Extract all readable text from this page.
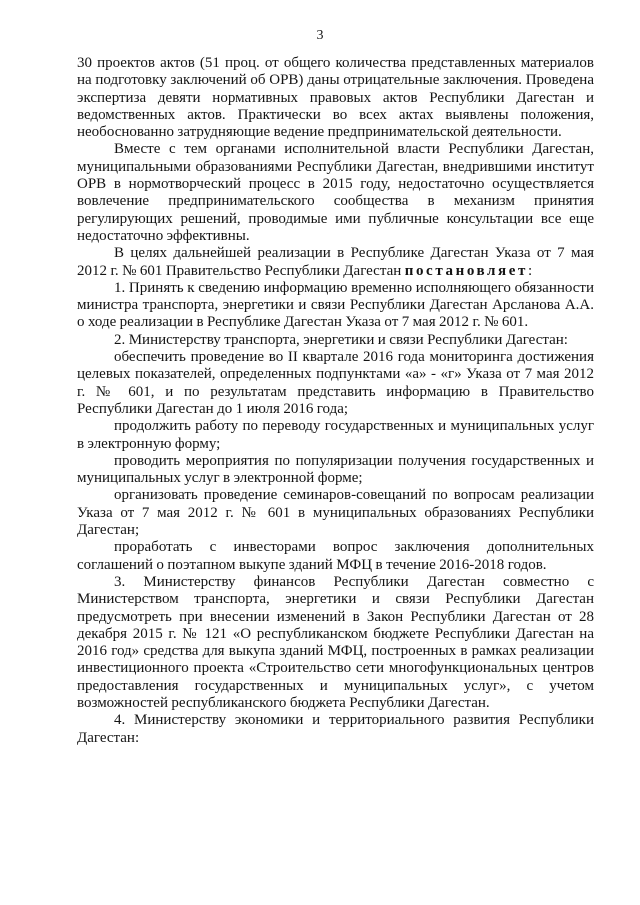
3

30 проектов актов (51 проц. от общего количества представленных материалов на подготовку заключений об ОРВ) даны отрицательные заключения. Проведена экспертиза девяти нормативных правовых актов Республики Дагестан и ведомственных актов. Практически во всех актах выявлены положения, необоснованно затрудняющие ведение предпринимательской деятельности.

Вместе с тем органами исполнительной власти Республики Дагестан, муниципальными образованиями Республики Дагестан, внедрившими институт ОРВ в нормотворческий процесс в 2015 году, недостаточно осуществляется вовлечение предпринимательского сообщества в механизм принятия регулирующих решений, проводимые ими публичные консультации все еще недостаточно эффективны.

В целях дальнейшей реализации в Республике Дагестан Указа от 7 мая 2012 г. № 601 Правительство Республики Дагестан постановляет:

1. Принять к сведению информацию временно исполняющего обязанности министра транспорта, энергетики и связи Республики Дагестан Арсланова А.А. о ходе реализации в Республике Дагестан Указа от 7 мая 2012 г. № 601.

2. Министерству транспорта, энергетики и связи Республики Дагестан:

обеспечить проведение во II квартале 2016 года мониторинга достижения целевых показателей, определенных подпунктами «а» - «г» Указа от 7 мая 2012 г. № 601, и по результатам представить информацию в Правительство Республики Дагестан до 1 июля 2016 года;

продолжить работу по переводу государственных и муниципальных услуг в электронную форму;

проводить мероприятия по популяризации получения государственных и муниципальных услуг в электронной форме;

организовать проведение семинаров-совещаний по вопросам реализации Указа от 7 мая 2012 г. № 601 в муниципальных образованиях Республики Дагестан;

проработать с инвесторами вопрос заключения дополнительных соглашений о поэтапном выкупе зданий МФЦ в течение 2016-2018 годов.

3. Министерству финансов Республики Дагестан совместно с Министерством транспорта, энергетики и связи Республики Дагестан предусмотреть при внесении изменений в Закон Республики Дагестан от 28 декабря 2015 г. № 121 «О республиканском бюджете Республики Дагестан на 2016 год» средства для выкупа зданий МФЦ, построенных в рамках реализации инвестиционного проекта «Строительство сети многофункциональных центров предоставления государственных и муниципальных услуг», с учетом возможностей республиканского бюджета Республики Дагестан.

4. Министерству экономики и территориального развития Республики Дагестан:
